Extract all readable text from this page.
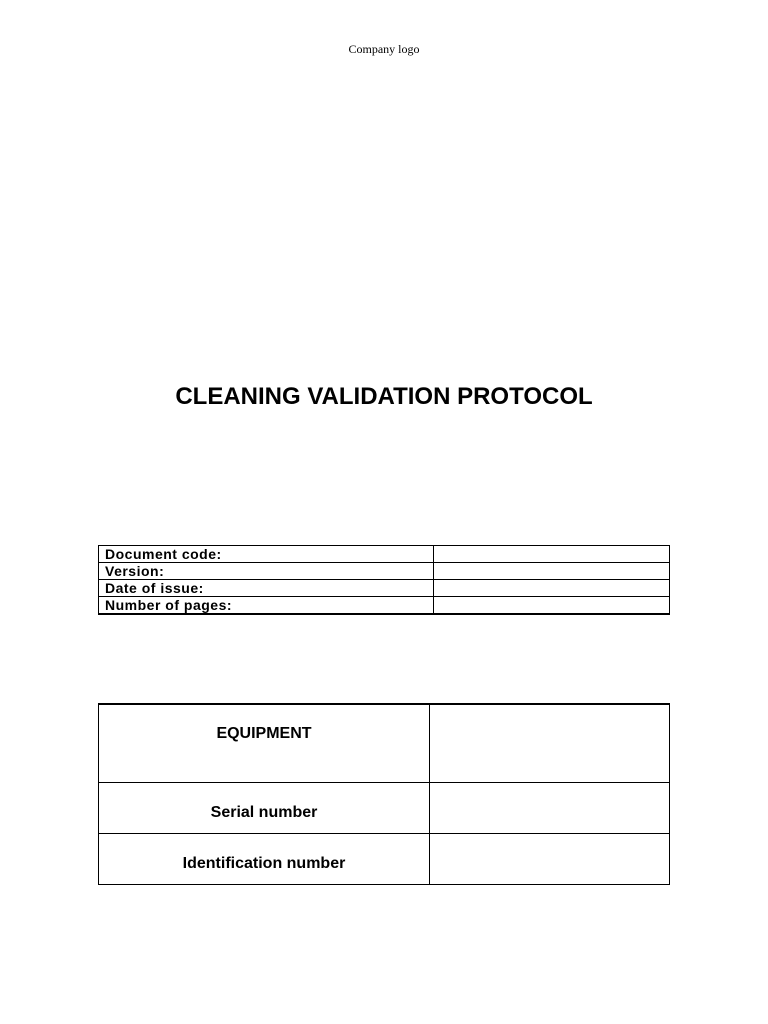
Company logo
CLEANING VALIDATION PROTOCOL
Document code:	
Version:	
Date of issue:	
Number of pages:	
EQUIPMENT	
Serial number	
Identification number	
